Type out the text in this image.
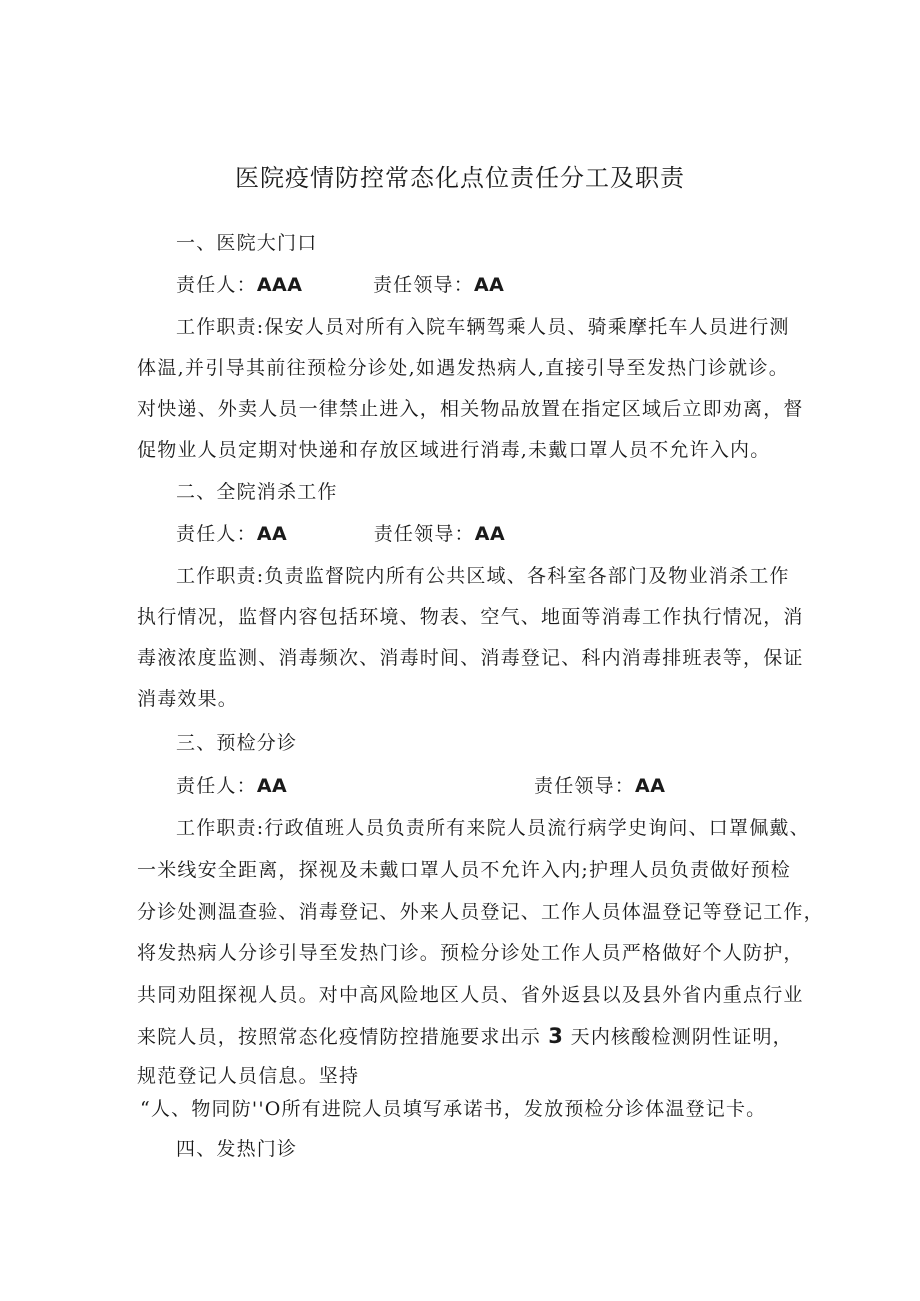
医院疫情防控常态化点位责任分工及职责
一、医院大门口
责任人：AAA	责任领导：AA
工作职责:保安人员对所有入院车辆驾乘人员、骑乘摩托车人员进行测
体温,并引导其前往预检分诊处,如遇发热病人,直接引导至发热门诊就诊。
对快递、外卖人员一律禁止进入，相关物品放置在指定区域后立即劝离，督
促物业人员定期对快递和存放区域进行消毒,未戴口罩人员不允许入内。
二、全院消杀工作
责任人：AA	责任领导：AA
工作职责:负责监督院内所有公共区域、各科室各部门及物业消杀工作
执行情况，监督内容包括环境、物表、空气、地面等消毒工作执行情况，消
毒液浓度监测、消毒频次、消毒时间、消毒登记、科内消毒排班表等，保证
消毒效果。
三、预检分诊
责任人：AA	责任领导：AA
工作职责:行政值班人员负责所有来院人员流行病学史询问、口罩佩戴、
一米线安全距离，探视及未戴口罩人员不允许入内;护理人员负责做好预检
分诊处测温查验、消毒登记、外来人员登记、工作人员体温登记等登记工作，
将发热病人分诊引导至发热门诊。预检分诊处工作人员严格做好个人防护，
共同劝阻探视人员。对中高风险地区人员、省外返县以及县外省内重点行业
来院人员，按照常态化疫情防控措施要求出示 3 天内核酸检测阴性证明，
规范登记人员信息。坚持
“人、物同防''O所有进院人员填写承诺书，发放预检分诊体温登记卡。
四、发热门诊
